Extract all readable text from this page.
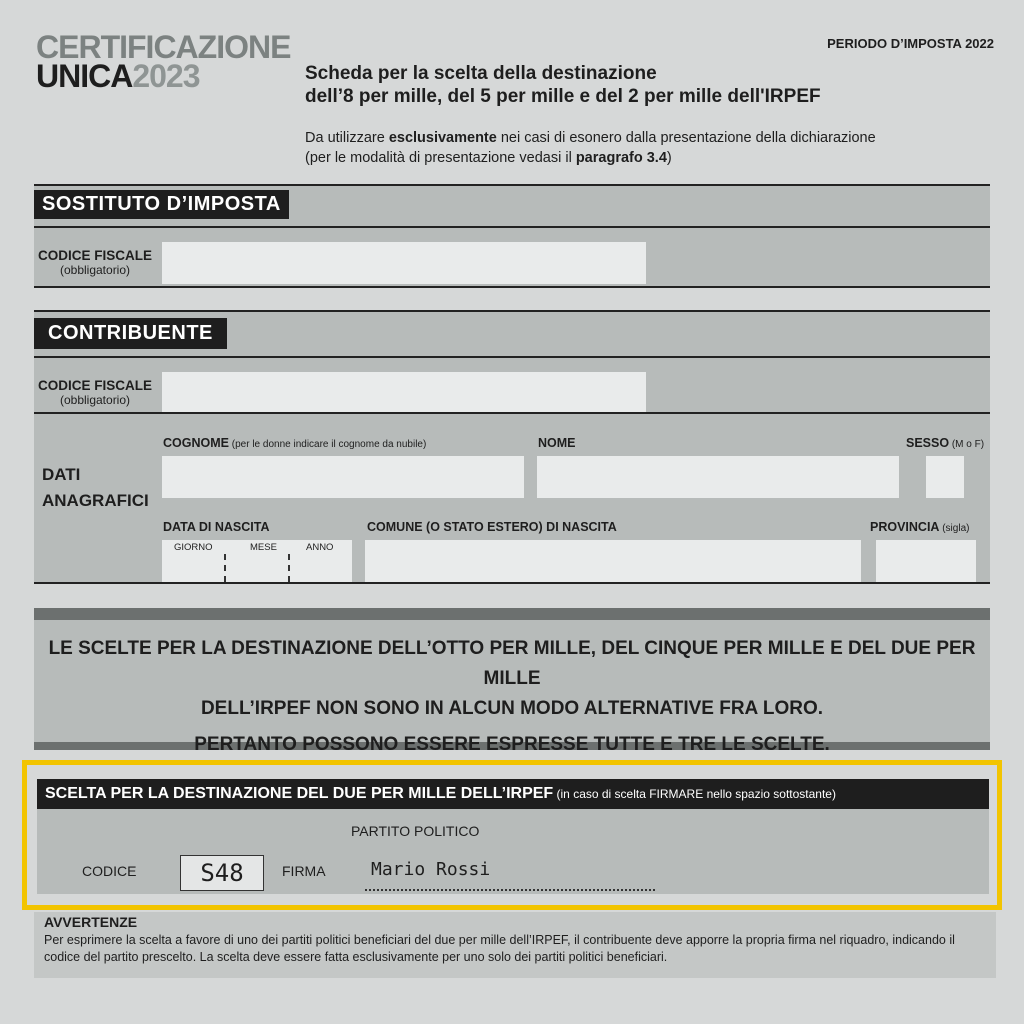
CERTIFICAZIONE
UNICA2023
PERIODO D’IMPOSTA 2022
Scheda per la scelta della destinazione
dell’8 per mille, del 5 per mille e del 2 per mille dell'IRPEF
Da utilizzare esclusivamente nei casi di esonero dalla presentazione della dichiarazione
(per le modalità di presentazione vedasi il paragrafo 3.4)
SOSTITUTO D’IMPOSTA
CODICE FISCALE
(obbligatorio)
CONTRIBUENTE
CODICE FISCALE
(obbligatorio)
DATI
ANAGRAFICI
COGNOME (per le donne indicare il cognome da nubile)	NOME	SESSO (M o F)
DATA DI NASCITA
GIORNO	MESE	ANNO
COMUNE (O STATO ESTERO) DI NASCITA	PROVINCIA (sigla)

LE SCELTE PER LA DESTINAZIONE DELL’OTTO PER MILLE, DEL CINQUE PER MILLE E DEL DUE PER MILLE

DELL’IRPEF NON SONO IN ALCUN MODO ALTERNATIVE FRA LORO.

PERTANTO POSSONO ESSERE ESPRESSE TUTTE E TRE LE SCELTE.

SCELTA PER LA DESTINAZIONE DEL DUE PER MILLE DELL’IRPEF (in caso di scelta FIRMARE nello spazio sottostante)
PARTITO POLITICO
CODICE	S48	FIRMA	Mario Rossi
AVVERTENZE
Per esprimere la scelta a favore di uno dei partiti politici beneficiari del due per mille dell’IRPEF, il contribuente deve apporre la propria firma nel riquadro, indicando il codice del partito prescelto. La scelta deve essere fatta esclusivamente per uno solo dei partiti politici beneficiari.
